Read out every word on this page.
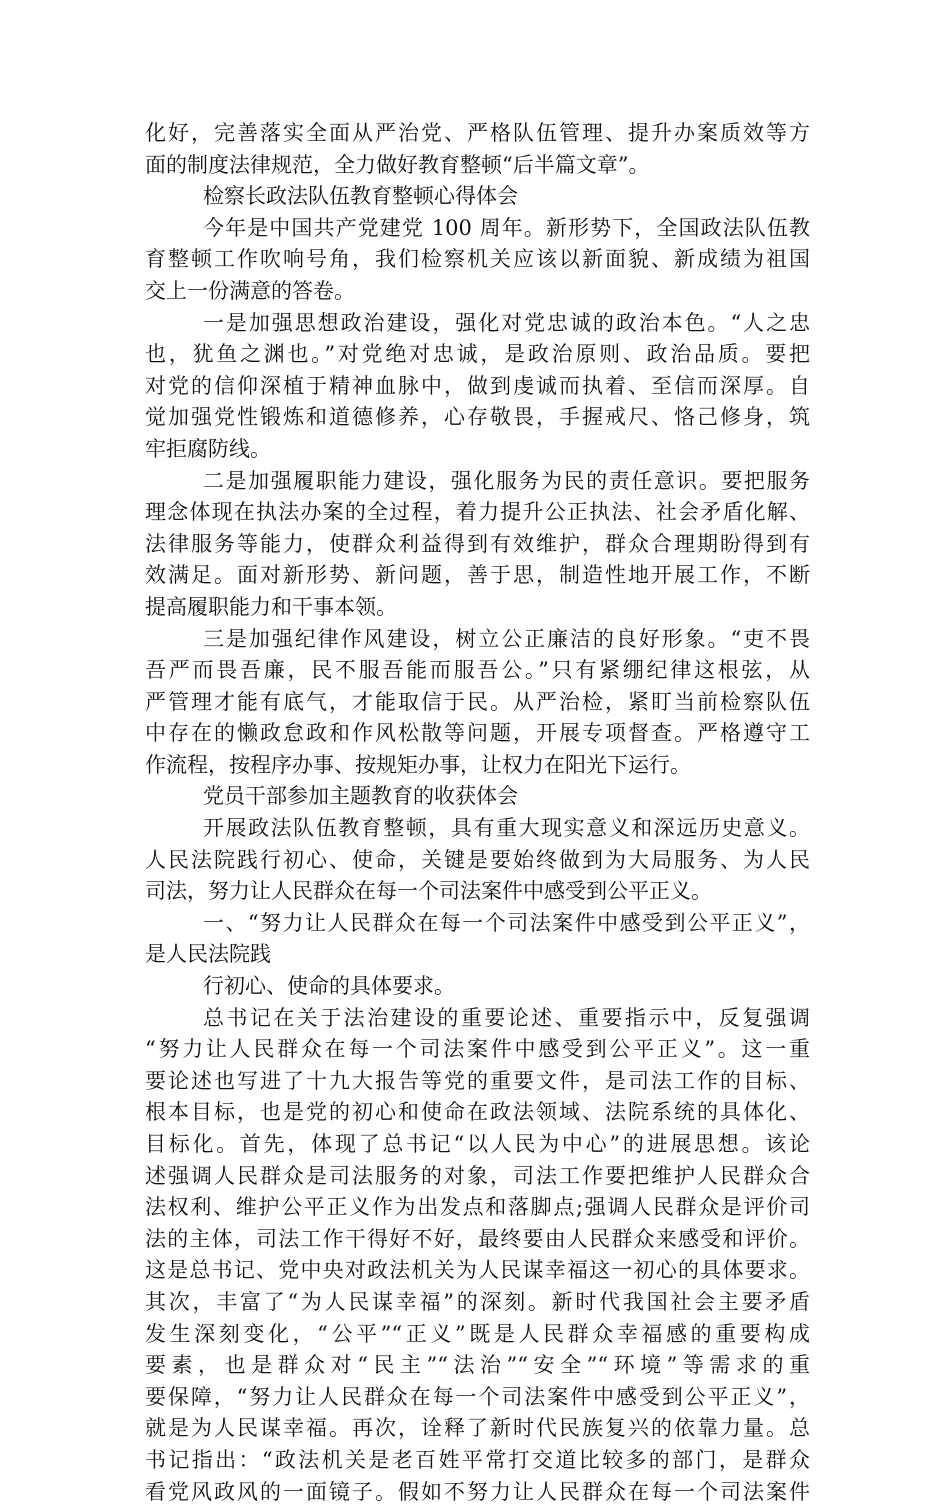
化好，完善落实全面从严治党、严格队伍管理、提升办案质效等方
面的制度法律规范，全力做好教育整顿“后半篇文章”。
检察长政法队伍教育整顿心得体会
今年是中国共产党建党 100 周年。新形势下，全国政法队伍教
育整顿工作吹响号角，我们检察机关应该以新面貌、新成绩为祖国
交上一份满意的答卷。
一是加强思想政治建设，强化对党忠诚的政治本色。“人之忠
也，犹鱼之渊也。”对党绝对忠诚，是政治原则、政治品质。要把
对党的信仰深植于精神血脉中，做到虔诚而执着、至信而深厚。自
觉加强党性锻炼和道德修养，心存敬畏，手握戒尺、恪己修身，筑
牢拒腐防线。
二是加强履职能力建设，强化服务为民的责任意识。要把服务
理念体现在执法办案的全过程，着力提升公正执法、社会矛盾化解、
法律服务等能力，使群众利益得到有效维护，群众合理期盼得到有
效满足。面对新形势、新问题，善于思，制造性地开展工作，不断
提高履职能力和干事本领。
三是加强纪律作风建设，树立公正廉洁的良好形象。“吏不畏
吾严而畏吾廉，民不服吾能而服吾公。”只有紧绷纪律这根弦，从
严管理才能有底气，才能取信于民。从严治检，紧盯当前检察队伍
中存在的懒政怠政和作风松散等问题，开展专项督查。严格遵守工
作流程，按程序办事、按规矩办事，让权力在阳光下运行。
党员干部参加主题教育的收获体会
开展政法队伍教育整顿，具有重大现实意义和深远历史意义。
人民法院践行初心、使命，关键是要始终做到为大局服务、为人民
司法，努力让人民群众在每一个司法案件中感受到公平正义。
一、“努力让人民群众在每一个司法案件中感受到公平正义”，
是人民法院践
行初心、使命的具体要求。
总书记在关于法治建设的重要论述、重要指示中，反复强调
“努力让人民群众在每一个司法案件中感受到公平正义”。这一重
要论述也写进了十九大报告等党的重要文件，是司法工作的目标、
根本目标，也是党的初心和使命在政法领域、法院系统的具体化、
目标化。首先，体现了总书记“以人民为中心”的进展思想。该论
述强调人民群众是司法服务的对象，司法工作要把维护人民群众合
法权利、维护公平正义作为出发点和落脚点;强调人民群众是评价司
法的主体，司法工作干得好不好，最终要由人民群众来感受和评价。
这是总书记、党中央对政法机关为人民谋幸福这一初心的具体要求。
其次，丰富了“为人民谋幸福”的深刻。新时代我国社会主要矛盾
发生深刻变化，“公平”“正义”既是人民群众幸福感的重要构成
要素，也是群众对“民主”“法治”“安全”“环境”等需求的重
要保障，“努力让人民群众在每一个司法案件中感受到公平正义”，
就是为人民谋幸福。再次，诠释了新时代民族复兴的依靠力量。总
书记指出：“政法机关是老百姓平常打交道比较多的部门，是群众
看党风政风的一面镜子。假如不努力让人民群众在每一个司法案件
